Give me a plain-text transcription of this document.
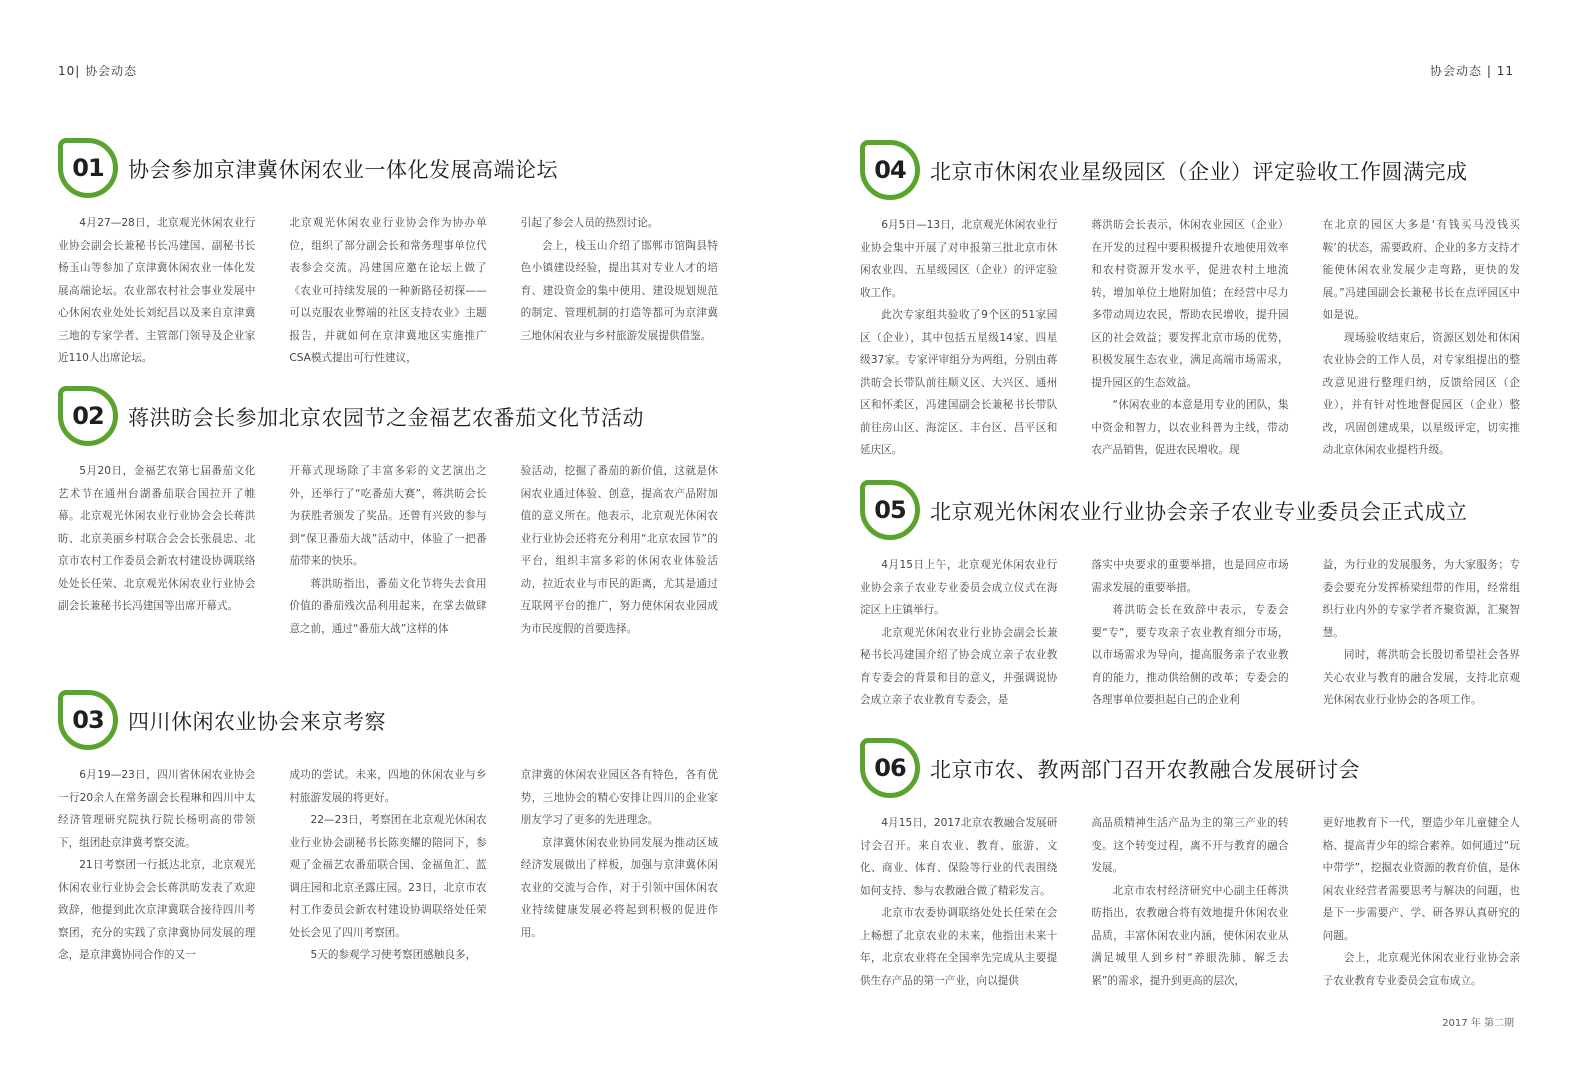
10| 协会动态	协会动态 | 11
01 协会参加京津冀休闲农业一体化发展高端论坛

4月27—28日，北京观光休闲农业行业协会副会长兼秘书长冯建国、副秘书长杨玉山等参加了京津冀休闲农业一体化发展高端论坛。农业部农村社会事业发展中心休闲农业处处长刘纪昌以及来自京津冀三地的专家学者、主管部门领导及企业家近110人出席论坛。

北京观光休闲农业行业协会作为协办单位，组织了部分副会长和常务理事单位代表参会交流。冯建国应邀在论坛上做了《农业可持续发展的一种新路径初探——可以克服农业弊端的社区支持农业》主题报告，并就如何在京津冀地区实施推广CSA模式提出可行性建议，

引起了参会人员的热烈讨论。

会上，栈玉山介绍了邯郸市馆陶县特色小镇建设经验，提出其对专业人才的培育、建设资金的集中使用、建设规划规范的制定、管理机制的打造等都可为京津冀三地休闲农业与乡村旅游发展提供借鉴。

02 蒋洪昉会长参加北京农园节之金福艺农番茄文化节活动

5月20日，金福艺农第七届番茄文化艺术节在通州台湖番茄联合国拉开了帷幕。北京观光休闲农业行业协会会长蒋洪昉、北京美丽乡村联合会会长张晨忠、北京市农村工作委员会新农村建设协调联络处处长任荣、北京观光休闲农业行业协会副会长兼秘书长冯建国等出席开幕式。

开幕式现场除了丰富多彩的文艺演出之外，还举行了“吃番茄大赛”，蒋洪昉会长为获胜者颁发了奖品。还曾有兴致的参与到“保卫番茄大战”活动中，体验了一把番茄带来的快乐。

蒋洪昉指出，番茄文化节将失去食用价值的番茄残次品利用起来，在掌去做肆意之前，通过“番茄大战”这样的体

验活动，挖掘了番茄的新价值，这就是休闲农业通过体验、创意，提高农产品附加值的意义所在。他表示，北京观光休闲农业行业协会还将充分利用“北京农园节”的平台，组织丰富多彩的休闲农业体验活动，拉近农业与市民的距离，尤其是通过互联网平台的推广，努力使休闲农业园成为市民度假的首要选择。

03 四川休闲农业协会来京考察

6月19—23日，四川省休闲农业协会一行20余人在常务副会长程琳和四川中太经济管理研究院执行院长杨明高的带领下，组团赴京津冀考察交流。

21日考察团一行抵达北京，北京观光休闲农业行业协会会长蒋洪昉发表了欢迎致辞，他提到此次京津冀联合接待四川考察团，充分的实践了京津冀协同发展的理念，是京津冀协同合作的又一

成功的尝试。未来，四地的休闲农业与乡村旅游发展的将更好。

22—23日，考察团在北京观光休闲农业行业协会副秘书长陈奕耀的陪同下，参观了金福艺农番茄联合国、金福鱼汇、蓝调庄园和北京圣露庄园。23日，北京市农村工作委员会新农村建设协调联络处任荣处长会见了四川考察团。

5天的参观学习使考察团感触良多，

京津冀的休闲农业园区各有特色，各有优势，三地协会的精心安排让四川的企业家朋友学习了更多的先进理念。

京津冀休闲农业协同发展为推动区域经济发展做出了样板，加强与京津冀休闲农业的交流与合作，对于引领中国休闲农业持续健康发展必将起到积极的促进作用。

04 北京市休闲农业星级园区（企业）评定验收工作圆满完成

6月5日—13日，北京观光休闲农业行业协会集中开展了对申报第三批北京市休闲农业四、五星级园区（企业）的评定验收工作。

此次专家组共验收了9个区的51家园区（企业），其中包括五星级14家、四星级37家。专家评审组分为两组，分别由蒋洪昉会长带队前往顺义区、大兴区、通州区和怀柔区，冯建国副会长兼秘书长带队前往房山区、海淀区、丰台区、昌平区和延庆区。

蒋洪昉会长表示，休闲农业园区（企业）在开发的过程中要积极提升农地使用效率和农村资源开发水平，促进农村土地流转，增加单位土地附加值；在经营中尽力多带动周边农民，帮助农民增收，提升园区的社会效益；要发挥北京市场的优势，积极发展生态农业，满足高端市场需求，提升园区的生态效益。

“休闲农业的本意是用专业的团队，集中资金和智力，以农业科普为主线，带动农产品销售，促进农民增收。现

在北京的园区大多是‘有钱买马没钱买鞍’的状态，需要政府、企业的多方支持才能使休闲农业发展少走弯路，更快的发展。”冯建国副会长兼秘书长在点评园区中如是说。

现场验收结束后，资源区划处和休闲农业协会的工作人员，对专家组提出的整改意见进行整理归纳，反馈给园区（企业），并有针对性地督促园区（企业）整改，巩固创建成果，以星级评定，切实推动北京休闲农业提档升级。

05 北京观光休闲农业行业协会亲子农业专业委员会正式成立

4月15日上午，北京观光休闲农业行业协会亲子农业专业委员会成立仪式在海淀区上庄镇举行。

北京观光休闲农业行业协会副会长兼秘书长冯建国介绍了协会成立亲子农业教育专委会的背景和目的意义，并强调说协会成立亲子农业教育专委会，是

落实中央要求的重要举措，也是回应市场需求发展的重要举措。

蒋洪昉会长在致辞中表示，专委会要“专”，要专攻亲子农业教育细分市场，以市场需求为导向，提高服务亲子农业教育的能力，推动供给侧的改革；专委会的各理事单位要担起自己的企业利

益，为行业的发展服务，为大家服务；专委会要充分发挥桥梁纽带的作用，经常组织行业内外的专家学者齐聚资源，汇聚智慧。

同时，蒋洪昉会长殷切希望社会各界关心农业与教育的融合发展，支持北京观光休闲农业行业协会的各项工作。

06 北京市农、教两部门召开农教融合发展研讨会

4月15日，2017北京农教融合发展研讨会召开。来自农业、教育、旅游、文化、商业、体育、保险等行业的代表围绕如何支持、参与农教融合做了精彩发言。

北京市农委协调联络处处长任荣在会上畅想了北京农业的未来，他指出未来十年，北京农业将在全国率先完成从主要提供生存产品的第一产业，向以提供

高品质精神生活产品为主的第三产业的转变。这个转变过程，离不开与教育的融合发展。

北京市农村经济研究中心副主任蒋洪昉指出，农教融合将有效地提升休闲农业品质，丰富休闲农业内涵，使休闲农业从满足城里人到乡村“养眼洗肺、解乏去累”的需求，提升到更高的层次，

更好地教育下一代，塑造少年儿童健全人格、提高青少年的综合素养。如何通过“玩中带学”，挖掘农业资源的教育价值，是休闲农业经营者需要思考与解决的问题，也是下一步需要产、学、研各界认真研究的问题。

会上，北京观光休闲农业行业协会亲子农业教育专业委员会宣布成立。

2017 年 第二期
